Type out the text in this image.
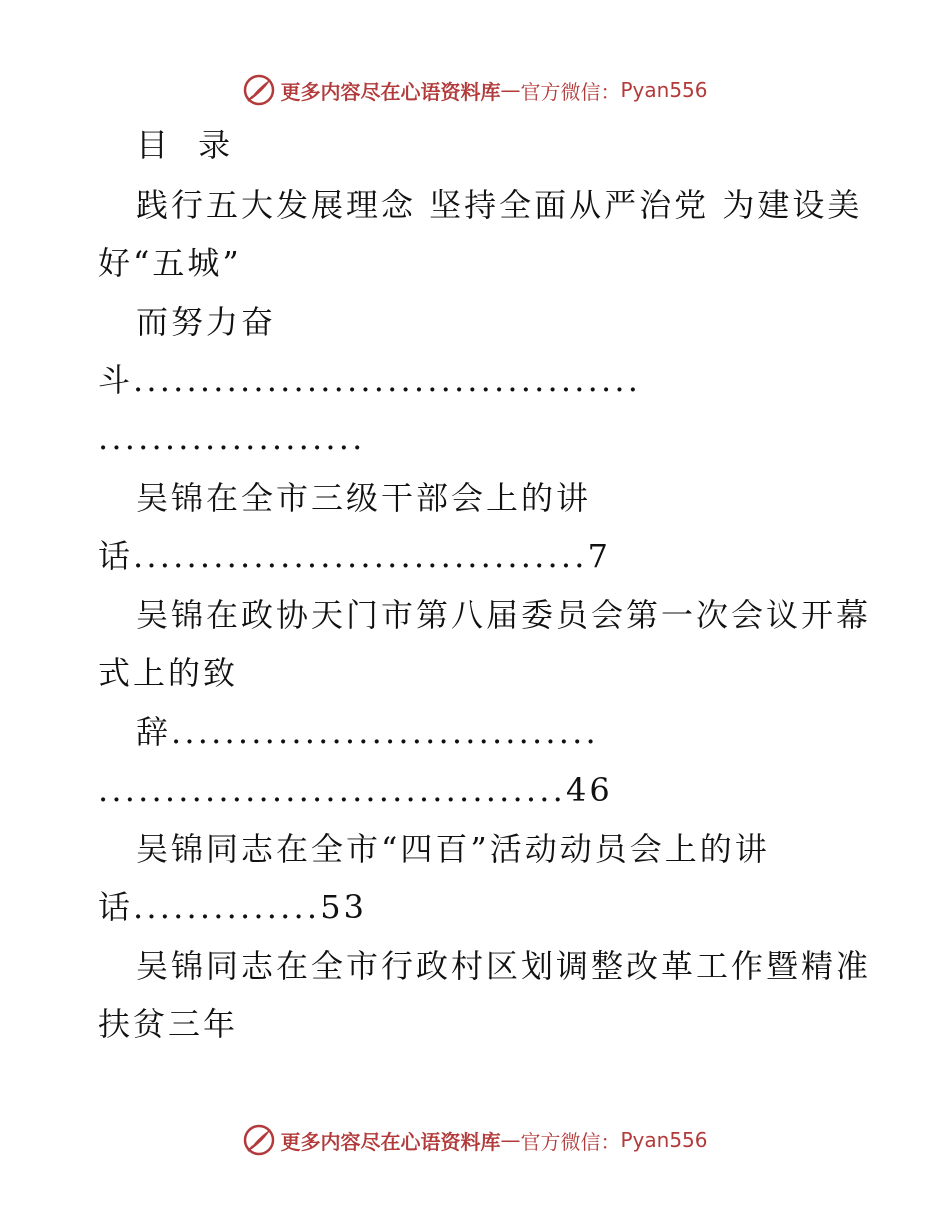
更多内容尽在心语资料库 — 官方微信： Pyan556
目 录
践行五大发展理念 坚持全面从严治党 为建设美
好“五城”
而努力奋
斗......................................
....................
吴锦在全市三级干部会上的讲
话..................................7
吴锦在政协天门市第八届委员会第一次会议开幕
式上的致
辞................................
...................................46
吴锦同志在全市“四百”活动动员会上的讲
话..............53
吴锦同志在全市行政村区划调整改革工作暨精准
扶贫三年
更多内容尽在心语资料库 — 官方微信： Pyan556
